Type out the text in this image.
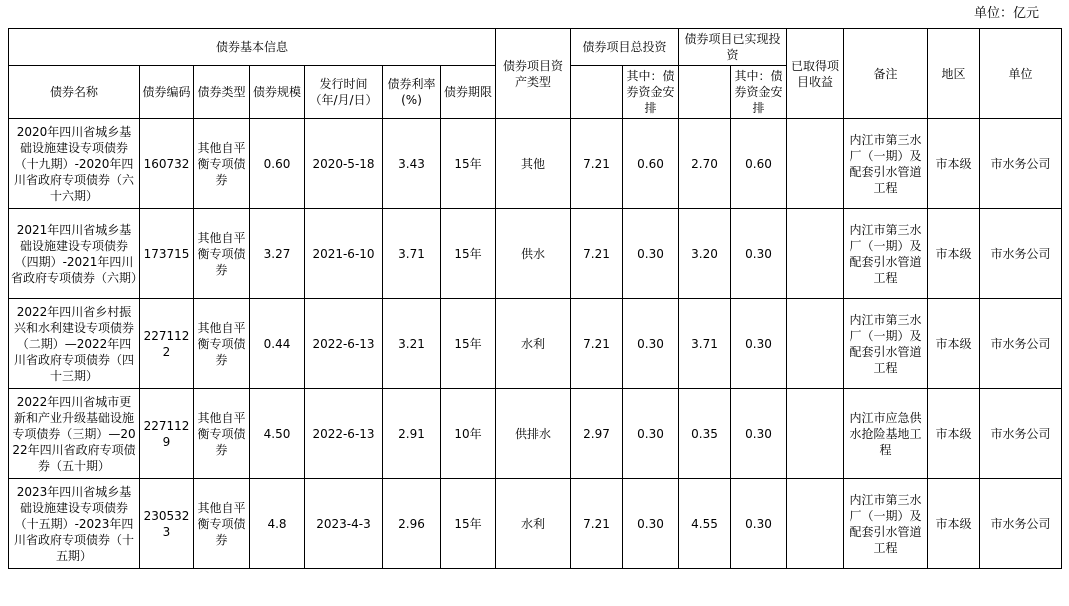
单位：亿元
债券基本信息							债券项目资产类型	债券项目总投资		债券项目已实现投资		已取得项目收益	备注	地区	单位
债券名称	债券编码	债券类型	债券规模	发行时间（年/月/日）	债券利率(%)	债券期限			其中：债券资金安排		其中：债券资金安排				
2020年四川省城乡基础设施建设专项债券（十九期）-2020年四川省政府专项债券（六十六期）	160732	其他自平衡专项债券	0.60	2020-5-18	3.43	15年	其他	7.21	0.60	2.70	0.60		内江市第三水厂（一期）及配套引水管道工程	市本级	市水务公司
2021年四川省城乡基础设施建设专项债券（四期）-2021年四川省政府专项债券（六期）	173715	其他自平衡专项债券	3.27	2021-6-10	3.71	15年	供水	7.21	0.30	3.20	0.30		内江市第三水厂（一期）及配套引水管道工程	市本级	市水务公司
2022年四川省乡村振兴和水利建设专项债券（二期）—2022年四川省政府专项债券（四十三期）	2271122	其他自平衡专项债券	0.44	2022-6-13	3.21	15年	水利	7.21	0.30	3.71	0.30		内江市第三水厂（一期）及配套引水管道工程	市本级	市水务公司
2022年四川省城市更新和产业升级基础设施专项债券（三期）—2022年四川省政府专项债券（五十期）	2271129	其他自平衡专项债券	4.50	2022-6-13	2.91	10年	供排水	2.97	0.30	0.35	0.30		内江市应急供水抢险基地工程	市本级	市水务公司
2023年四川省城乡基础设施建设专项债券（十五期）-2023年四川省政府专项债券（十五期）	2305323	其他自平衡专项债券	4.8	2023-4-3	2.96	15年	水利	7.21	0.30	4.55	0.30		内江市第三水厂（一期）及配套引水管道工程	市本级	市水务公司
